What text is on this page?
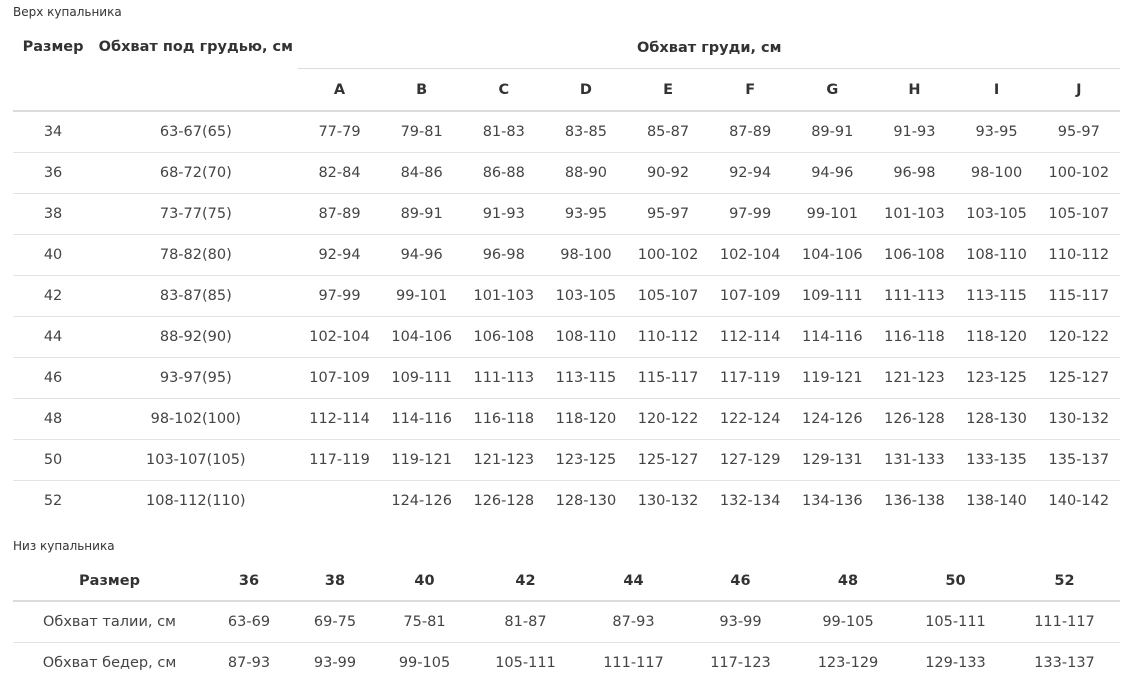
Верх купальника
Размер	Обхват под грудью, см	Обхват груди, см									
		A	B	C	D	E	F	G	H	I	J
34	63-67(65)	77-79	79-81	81-83	83-85	85-87	87-89	89-91	91-93	93-95	95-97
36	68-72(70)	82-84	84-86	86-88	88-90	90-92	92-94	94-96	96-98	98-100	100-102
38	73-77(75)	87-89	89-91	91-93	93-95	95-97	97-99	99-101	101-103	103-105	105-107
40	78-82(80)	92-94	94-96	96-98	98-100	100-102	102-104	104-106	106-108	108-110	110-112
42	83-87(85)	97-99	99-101	101-103	103-105	105-107	107-109	109-111	111-113	113-115	115-117
44	88-92(90)	102-104	104-106	106-108	108-110	110-112	112-114	114-116	116-118	118-120	120-122
46	93-97(95)	107-109	109-111	111-113	113-115	115-117	117-119	119-121	121-123	123-125	125-127
48	98-102(100)	112-114	114-116	116-118	118-120	120-122	122-124	124-126	126-128	128-130	130-132
50	103-107(105)	117-119	119-121	121-123	123-125	125-127	127-129	129-131	131-133	133-135	135-137
52	108-112(110)		124-126	126-128	128-130	130-132	132-134	134-136	136-138	138-140	140-142
Низ купальника
Размер	36	38	40	42	44	46	48	50	52
Обхват талии, см	63-69	69-75	75-81	81-87	87-93	93-99	99-105	105-111	111-117
Обхват бедер, см	87-93	93-99	99-105	105-111	111-117	117-123	123-129	129-133	133-137
